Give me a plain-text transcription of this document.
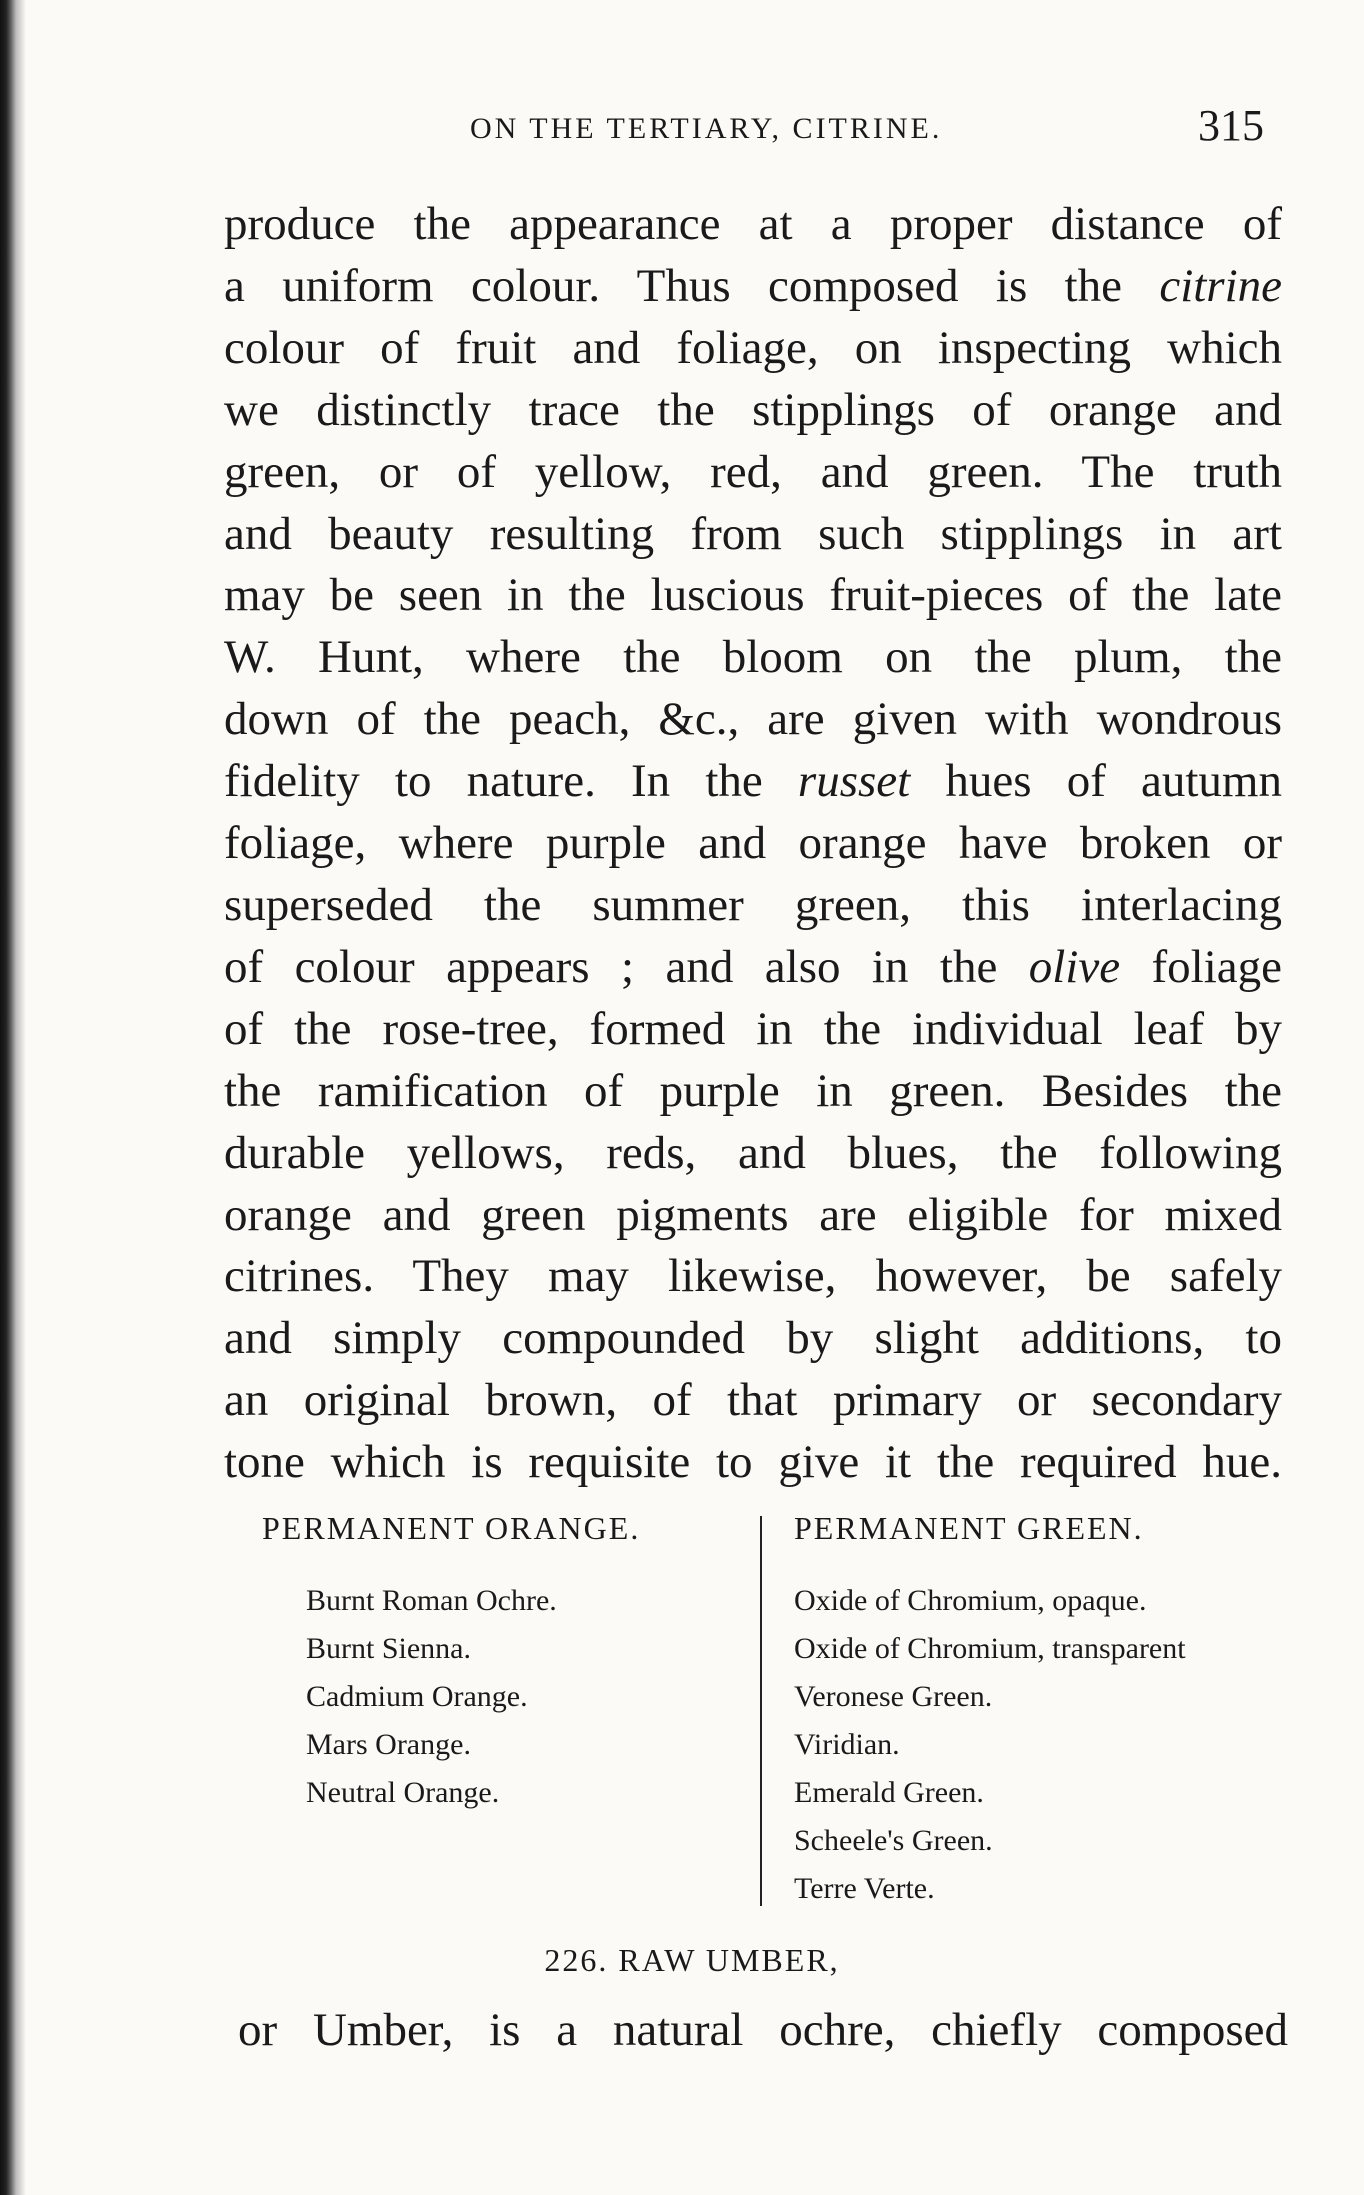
ON THE TERTIARY, CITRINE.	315
produce the appearance at a proper distance of
a uniform colour. Thus composed is the citrine
colour of fruit and foliage, on inspecting which
we distinctly trace the stipplings of orange and
green, or of yellow, red, and green. The truth
and beauty resulting from such stipplings in art
may be seen in the luscious fruit-pieces of the late
W. Hunt, where the bloom on the plum, the
down of the peach, &c., are given with wondrous
fidelity to nature. In the russet hues of autumn
foliage, where purple and orange have broken or
superseded the summer green, this interlacing
of colour appears ; and also in the olive foliage
of the rose-tree, formed in the individual leaf by
the ramification of purple in green. Besides the
durable yellows, reds, and blues, the following
orange and green pigments are eligible for mixed
citrines. They may likewise, however, be safely
and simply compounded by slight additions, to
an original brown, of that primary or secondary
tone which is requisite to give it the required hue.
PERMANENT ORANGE.
Burnt Roman Ochre.
Burnt Sienna.
Cadmium Orange.
Mars Orange.
Neutral Orange.
PERMANENT GREEN.
Oxide of Chromium, opaque.
Oxide of Chromium, transparent
Veronese Green.
Viridian.
Emerald Green.
Scheele's Green.
Terre Verte.
226. RAW UMBER,
or Umber, is a natural ochre, chiefly composed
